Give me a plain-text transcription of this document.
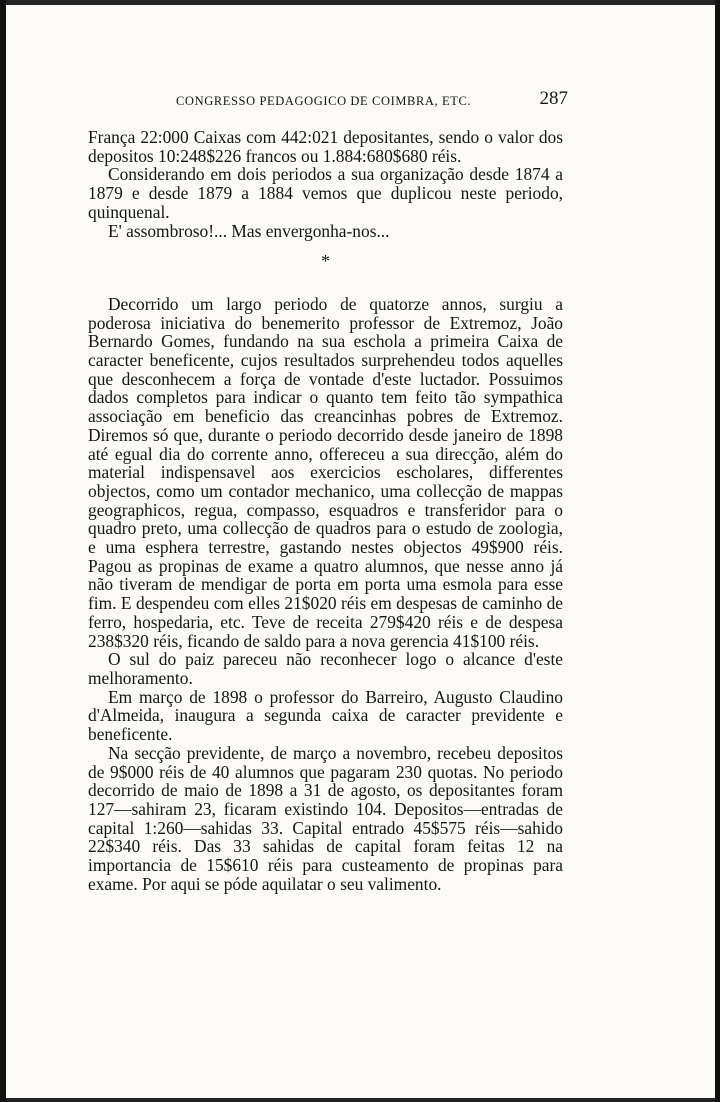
CONGRESSO PEDAGOGICO DE COIMBRA, ETC.	287

França 22:000 Caixas com 442:021 depositantes, sendo o valor dos depositos 10:248$226 francos ou 1.884:680$680 réis.

Considerando em dois periodos a sua organização desde 1874 a 1879 e desde 1879 a 1884 vemos que duplicou neste periodo, quinquenal.

E' assombroso!... Mas envergonha-nos...

*

Decorrido um largo periodo de quatorze annos, surgiu a poderosa iniciativa do benemerito professor de Extremoz, João Bernardo Gomes, fundando na sua eschola a primeira Caixa de caracter beneficente, cujos resultados surprehendeu todos aquelles que desconhecem a força de vontade d'este luctador. Possuimos dados completos para indicar o quanto tem feito tão sympathica associação em beneficio das creancinhas pobres de Extremoz. Diremos só que, durante o periodo decorrido desde janeiro de 1898 até egual dia do corrente anno, offereceu a sua direcção, além do material indispensavel aos exercicios escholares, differentes objectos, como um contador mechanico, uma collecção de mappas geographicos, regua, compasso, esquadros e transferidor para o quadro preto, uma collecção de quadros para o estudo de zoologia, e uma esphera terrestre, gastando nestes objectos 49$900 réis. Pagou as propinas de exame a quatro alumnos, que nesse anno já não tiveram de mendigar de porta em porta uma esmola para esse fim. E despendeu com elles 21$020 réis em despesas de caminho de ferro, hospedaria, etc. Teve de receita 279$420 réis e de despesa 238$320 réis, ficando de saldo para a nova gerencia 41$100 réis.

O sul do paiz pareceu não reconhecer logo o alcance d'este melhoramento.

Em março de 1898 o professor do Barreiro, Augusto Claudino d'Almeida, inaugura a segunda caixa de caracter previdente e beneficente.

Na secção previdente, de março a novembro, recebeu depositos de 9$000 réis de 40 alumnos que pagaram 230 quotas. No periodo decorrido de maio de 1898 a 31 de agosto, os depositantes foram 127—sahiram 23, ficaram existindo 104. Depositos—entradas de capital 1:260—sahidas 33. Capital entrado 45$575 réis—sahido 22$340 réis. Das 33 sahidas de capital foram feitas 12 na importancia de 15$610 réis para custeamento de propinas para exame. Por aqui se póde aquilatar o seu valimento.
